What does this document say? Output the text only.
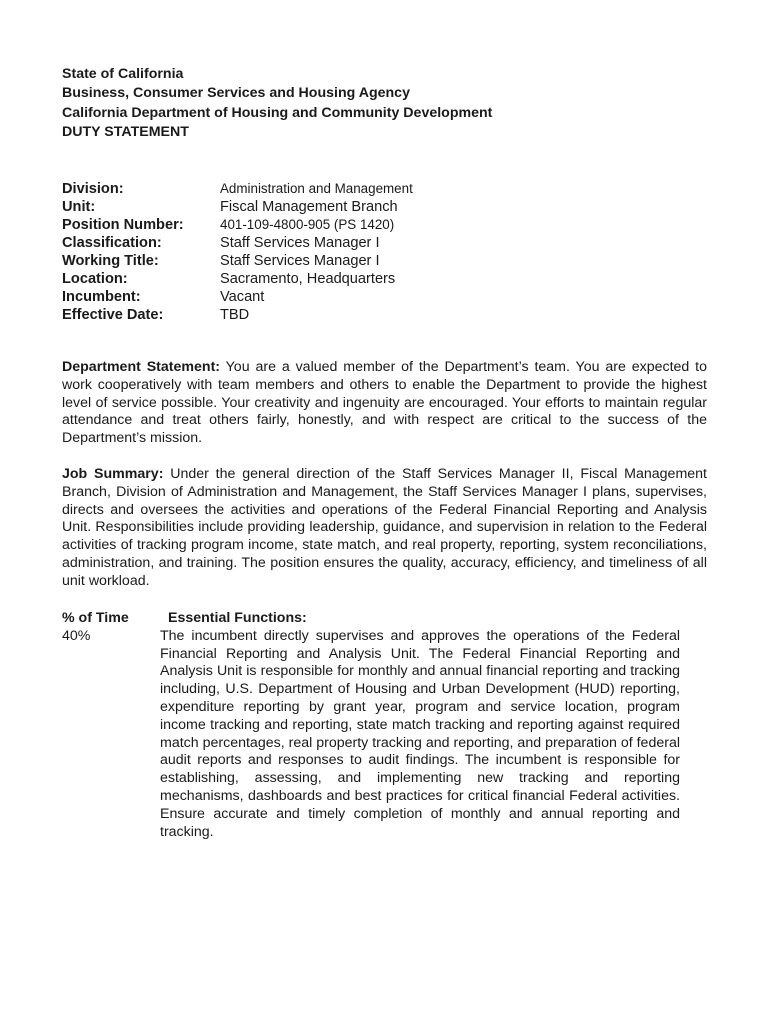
State of California
Business, Consumer Services and Housing Agency
California Department of Housing and Community Development
DUTY STATEMENT
Division:	Administration and Management
Unit:	Fiscal Management Branch
Position Number:	401-109-4800-905 (PS 1420)
Classification:	Staff Services Manager I
Working Title:	Staff Services Manager I
Location:	Sacramento, Headquarters
Incumbent:	Vacant
Effective Date:	TBD

Department Statement: You are a valued member of the Department’s team. You are expected to work cooperatively with team members and others to enable the Department to provide the highest level of service possible. Your creativity and ingenuity are encouraged. Your efforts to maintain regular attendance and treat others fairly, honestly, and with respect are critical to the success of the Department’s mission.

Job Summary: Under the general direction of the Staff Services Manager II, Fiscal Management Branch, Division of Administration and Management, the Staff Services Manager I plans, supervises, directs and oversees the activities and operations of the Federal Financial Reporting and Analysis Unit. Responsibilities include providing leadership, guidance, and supervision in relation to the Federal activities of tracking program income, state match, and real property, reporting, system reconciliations, administration, and training. The position ensures the quality, accuracy, efficiency, and timeliness of all unit workload.

% of Time	Essential Functions:
40%	The incumbent directly supervises and approves the operations of the Federal Financial Reporting and Analysis Unit. The Federal Financial Reporting and Analysis Unit is responsible for monthly and annual financial reporting and tracking including, U.S. Department of Housing and Urban Development (HUD) reporting, expenditure reporting by grant year, program and service location, program income tracking and reporting, state match tracking and reporting against required match percentages, real property tracking and reporting, and preparation of federal audit reports and responses to audit findings. The incumbent is responsible for establishing, assessing, and implementing new tracking and reporting mechanisms, dashboards and best practices for critical financial Federal activities. Ensure accurate and timely completion of monthly and annual reporting and tracking.
